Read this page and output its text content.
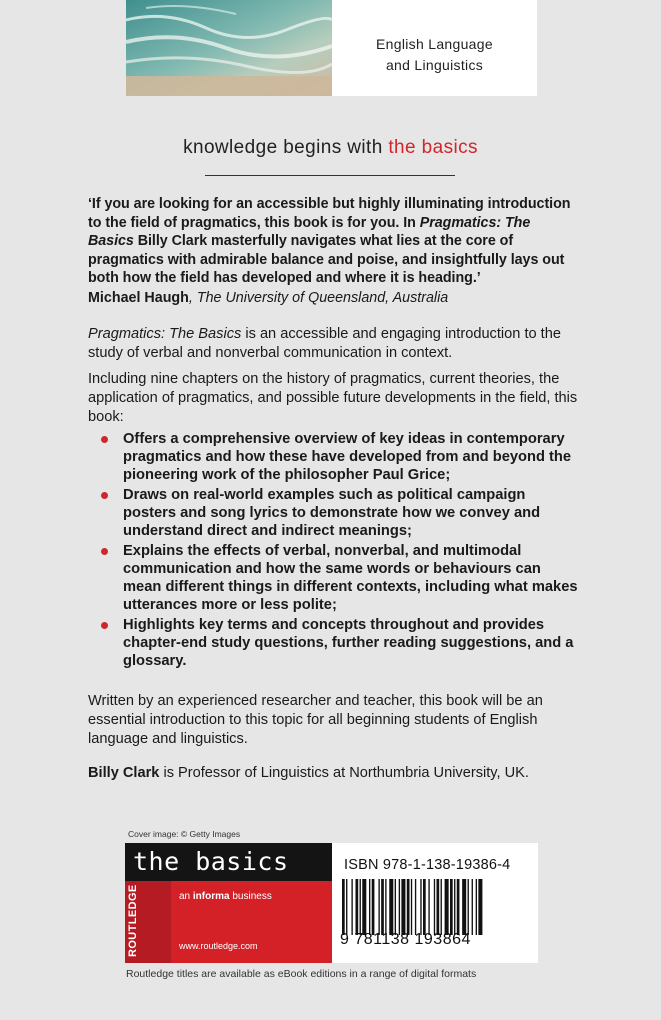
English Language
and Linguistics
knowledge begins with the basics
‘If you are looking for an accessible but highly illuminating introduction to the field of pragmatics, this book is for you. In Pragmatics: The Basics Billy Clark masterfully navigates what lies at the core of pragmatics with admirable balance and poise, and insightfully lays out both how the field has developed and where it is heading.’
Michael Haugh, The University of Queensland, Australia
Pragmatics: The Basics is an accessible and engaging introduction to the study of verbal and nonverbal communication in context.
Including nine chapters on the history of pragmatics, current theories, the application of pragmatics, and possible future developments in the field, this book:
Offers a comprehensive overview of key ideas in contemporary pragmatics and how these have developed from and beyond the pioneering work of the philosopher Paul Grice;
Draws on real-world examples such as political campaign posters and song lyrics to demonstrate how we convey and understand direct and indirect meanings;
Explains the effects of verbal, nonverbal, and multimodal communication and how the same words or behaviours can mean different things in different contexts, including what makes utterances more or less polite;
Highlights key terms and concepts throughout and provides chapter-end study questions, further reading suggestions, and a glossary.
Written by an experienced researcher and teacher, this book will be an essential introduction to this topic for all beginning students of English language and linguistics.
Billy Clark is Professor of Linguistics at Northumbria University, UK.
Cover image: © Getty Images
the basics
ROUTLEDGE	an informa business
www.routledge.com
ISBN 978-1-138-19386-4
9 781138 193864
Routledge titles are available as eBook editions in a range of digital formats
